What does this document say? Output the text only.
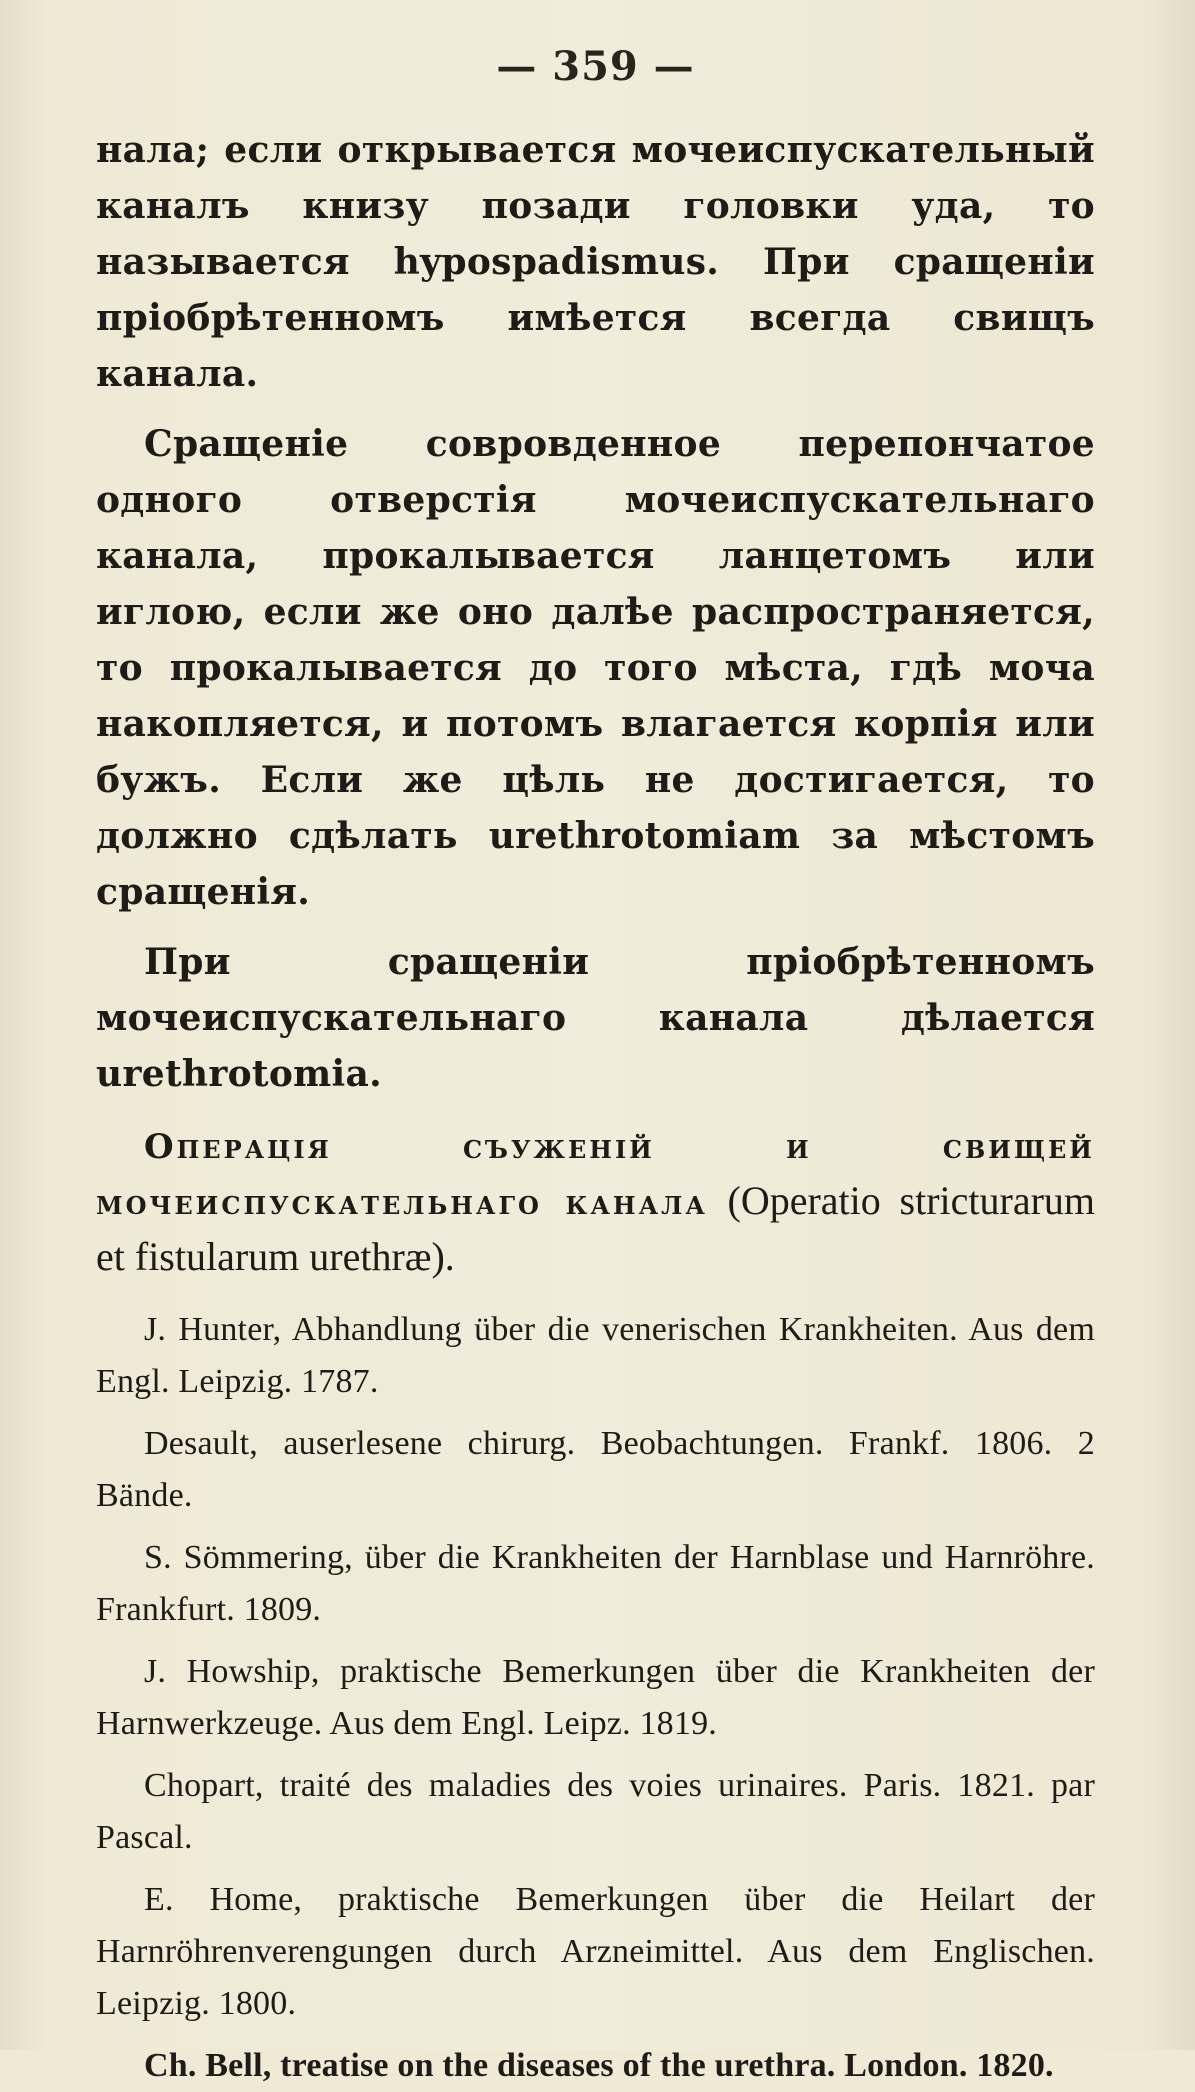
— 359 —

нала; если открывается мочеиспускательный каналъ книзу позади головки уда, то называется hypospadismus. При сращенiи прiобрѣтенномъ имѣется всегда свищъ канала.

Сращенiе совровденное перепончатое одного отверстiя мочеиспускательнаго канала, прокалывается ланцетомъ или иглою, если же оно далѣе распространяется, то прокалывается до того мѣста, гдѣ моча накопляется, и потомъ влагается корпiя или бужъ. Если же цѣль не достигается, то должно сдѣлать urethrotomiam за мѣстомъ сращенiя.

При сращенiи прiобрѣтенномъ мочеиспускательнаго канала дѣлается urethrotomia.

Операцiя съуженiй и свищей мочеиспускательнаго канала (Operatio stricturarum et fistularum urethræ).

J. Hunter, Abhandlung über die venerischen Krankheiten. Aus dem Engl. Leipzig. 1787.

Desault, auserlesene chirurg. Beobachtungen. Frankf. 1806. 2 Bände.

S. Sömmering, über die Krankheiten der Harnblase und Harnröhre. Frankfurt. 1809.

J. Howship, praktische Bemerkungen über die Krankheiten der Harnwerkzeuge. Aus dem Engl. Leipz. 1819.

Chopart, traité des maladies des voies urinaires. Paris. 1821. par Pascal.

E. Home, praktische Bemerkungen über die Heilart der Harnröhrenverengungen durch Arzneimittel. Aus dem Englischen. Leipzig. 1800.

Ch. Bell, treatise on the diseases of the urethra. London. 1820.
